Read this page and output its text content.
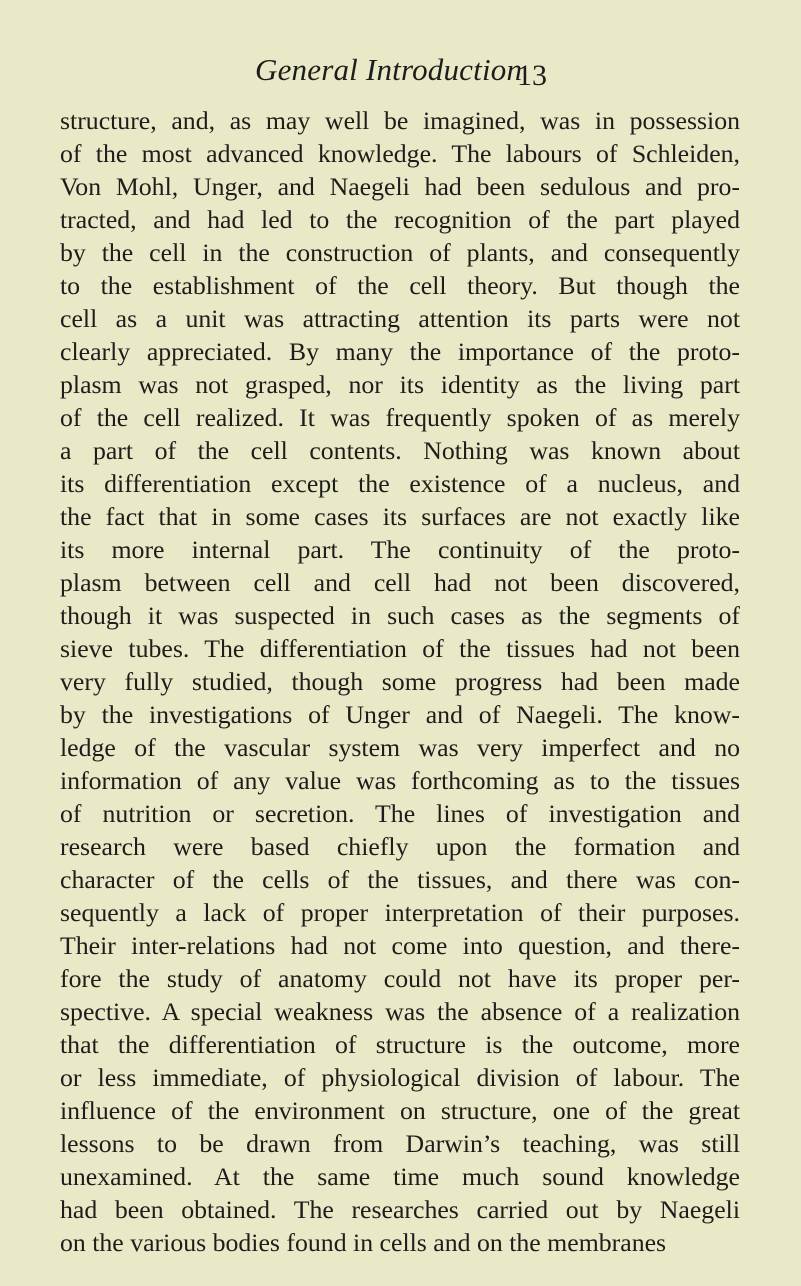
General Introduction
13
structure, and, as may well be imagined, was in possession
of the most advanced knowledge. The labours of Schleiden,
Von Mohl, Unger, and Naegeli had been sedulous and pro-
tracted, and had led to the recognition of the part played
by the cell in the construction of plants, and consequently
to the establishment of the cell theory. But though the
cell as a unit was attracting attention its parts were not
clearly appreciated. By many the importance of the proto-
plasm was not grasped, nor its identity as the living part
of the cell realized. It was frequently spoken of as merely
a part of the cell contents. Nothing was known about
its differentiation except the existence of a nucleus, and
the fact that in some cases its surfaces are not exactly like
its more internal part. The continuity of the proto-
plasm between cell and cell had not been discovered,
though it was suspected in such cases as the segments of
sieve tubes. The differentiation of the tissues had not been
very fully studied, though some progress had been made
by the investigations of Unger and of Naegeli. The know-
ledge of the vascular system was very imperfect and no
information of any value was forthcoming as to the tissues
of nutrition or secretion. The lines of investigation and
research were based chiefly upon the formation and
character of the cells of the tissues, and there was con-
sequently a lack of proper interpretation of their purposes.
Their inter-relations had not come into question, and there-
fore the study of anatomy could not have its proper per-
spective. A special weakness was the absence of a realization
that the differentiation of structure is the outcome, more
or less immediate, of physiological division of labour. The
influence of the environment on structure, one of the great
lessons to be drawn from Darwin’s teaching, was still
unexamined. At the same time much sound knowledge
had been obtained. The researches carried out by Naegeli
on the various bodies found in cells and on the membranes
